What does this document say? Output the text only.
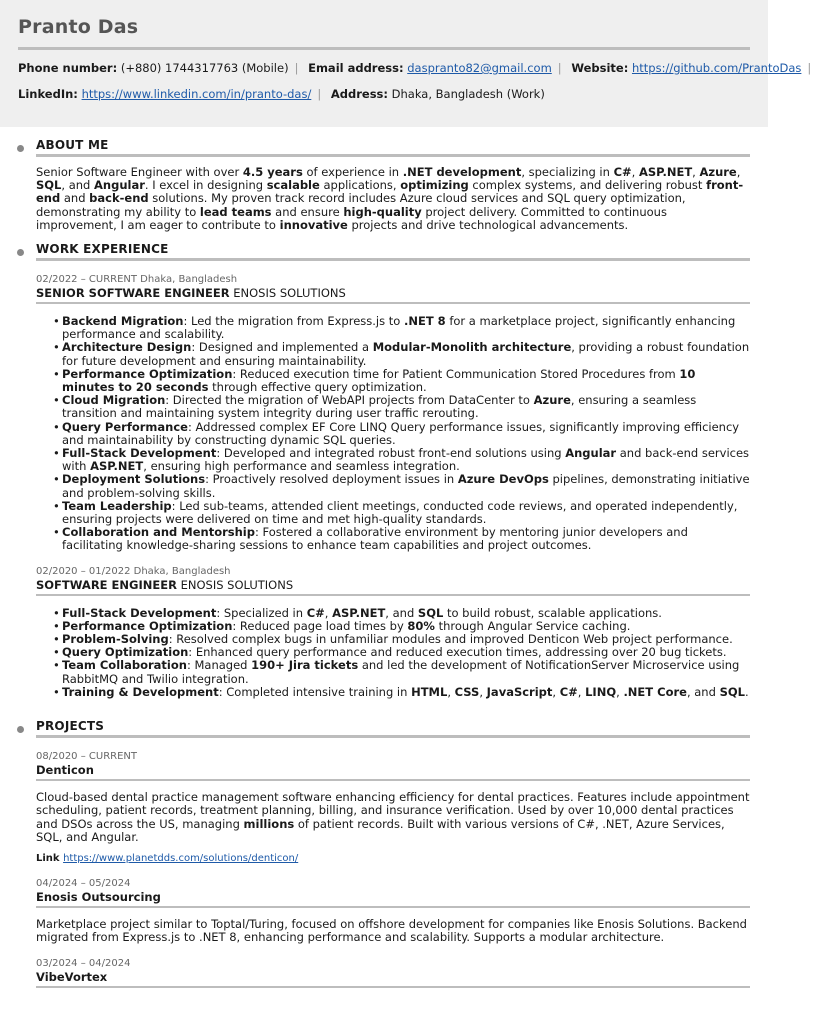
Pranto Das
Phone number: (+880) 1744317763 (Mobile) | Email address: daspranto82@gmail.com | Website: https://github.com/PrantoDas |
LinkedIn: https://www.linkedin.com/in/pranto-das/ | Address: Dhaka, Bangladesh (Work)
ABOUT ME
Senior Software Engineer with over 4.5 years of experience in .NET development, specializing in C#, ASP.NET, Azure, SQL, and Angular. I excel in designing scalable applications, optimizing complex systems, and delivering robust front-end and back-end solutions. My proven track record includes Azure cloud services and SQL query optimization, demonstrating my ability to lead teams and ensure high-quality project delivery. Committed to continuous improvement, I am eager to contribute to innovative projects and drive technological advancements.
WORK EXPERIENCE
02/2022 – CURRENT Dhaka, Bangladesh
SENIOR SOFTWARE ENGINEER ENOSIS SOLUTIONS
• Backend Migration: Led the migration from Express.js to .NET 8 for a marketplace project, significantly enhancing performance and scalability.
• Architecture Design: Designed and implemented a Modular-Monolith architecture, providing a robust foundation for future development and ensuring maintainability.
• Performance Optimization: Reduced execution time for Patient Communication Stored Procedures from 10 minutes to 20 seconds through effective query optimization.
• Cloud Migration: Directed the migration of WebAPI projects from DataCenter to Azure, ensuring a seamless transition and maintaining system integrity during user traffic rerouting.
• Query Performance: Addressed complex EF Core LINQ Query performance issues, significantly improving efficiency and maintainability by constructing dynamic SQL queries.
• Full-Stack Development: Developed and integrated robust front-end solutions using Angular and back-end services with ASP.NET, ensuring high performance and seamless integration.
• Deployment Solutions: Proactively resolved deployment issues in Azure DevOps pipelines, demonstrating initiative and problem-solving skills.
• Team Leadership: Led sub-teams, attended client meetings, conducted code reviews, and operated independently, ensuring projects were delivered on time and met high-quality standards.
• Collaboration and Mentorship: Fostered a collaborative environment by mentoring junior developers and facilitating knowledge-sharing sessions to enhance team capabilities and project outcomes.
02/2020 – 01/2022 Dhaka, Bangladesh
SOFTWARE ENGINEER ENOSIS SOLUTIONS
• Full-Stack Development: Specialized in C#, ASP.NET, and SQL to build robust, scalable applications.
• Performance Optimization: Reduced page load times by 80% through Angular Service caching.
• Problem-Solving: Resolved complex bugs in unfamiliar modules and improved Denticon Web project performance.
• Query Optimization: Enhanced query performance and reduced execution times, addressing over 20 bug tickets.
• Team Collaboration: Managed 190+ Jira tickets and led the development of NotificationServer Microservice using RabbitMQ and Twilio integration.
• Training & Development: Completed intensive training in HTML, CSS, JavaScript, C#, LINQ, .NET Core, and SQL.
PROJECTS
08/2020 – CURRENT
Denticon
Cloud-based dental practice management software enhancing efficiency for dental practices. Features include appointment scheduling, patient records, treatment planning, billing, and insurance verification. Used by over 10,000 dental practices and DSOs across the US, managing millions of patient records. Built with various versions of C#, .NET, Azure Services, SQL, and Angular.
Link https://www.planetdds.com/solutions/denticon/
04/2024 – 05/2024
Enosis Outsourcing
Marketplace project similar to Toptal/Turing, focused on offshore development for companies like Enosis Solutions. Backend migrated from Express.js to .NET 8, enhancing performance and scalability. Supports a modular architecture.
03/2024 – 04/2024
VibeVortex
